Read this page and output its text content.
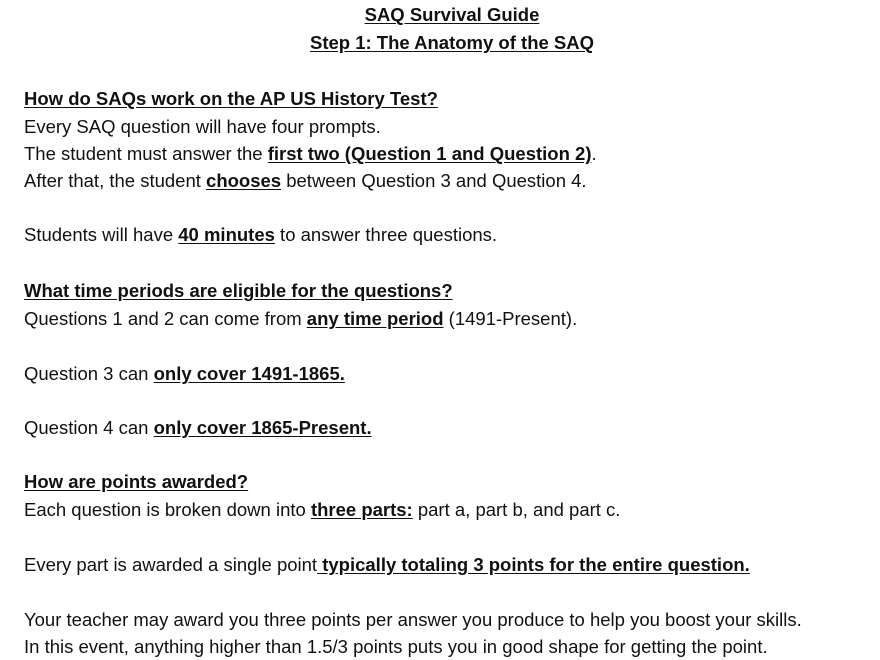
SAQ Survival Guide
Step 1: The Anatomy of the SAQ
How do SAQs work on the AP US History Test?
Every SAQ question will have four prompts.
The student must answer the first two (Question 1 and Question 2).
After that, the student chooses between Question 3 and Question 4.
Students will have 40 minutes to answer three questions.
What time periods are eligible for the questions?
Questions 1 and 2 can come from any time period (1491-Present).
Question 3 can only cover 1491-1865.
Question 4 can only cover 1865-Present.
How are points awarded?
Each question is broken down into three parts: part a, part b, and part c.
Every part is awarded a single point typically totaling 3 points for the entire question.
Your teacher may award you three points per answer you produce to help you boost your skills.
In this event, anything higher than 1.5/3 points puts you in good shape for getting the point.
